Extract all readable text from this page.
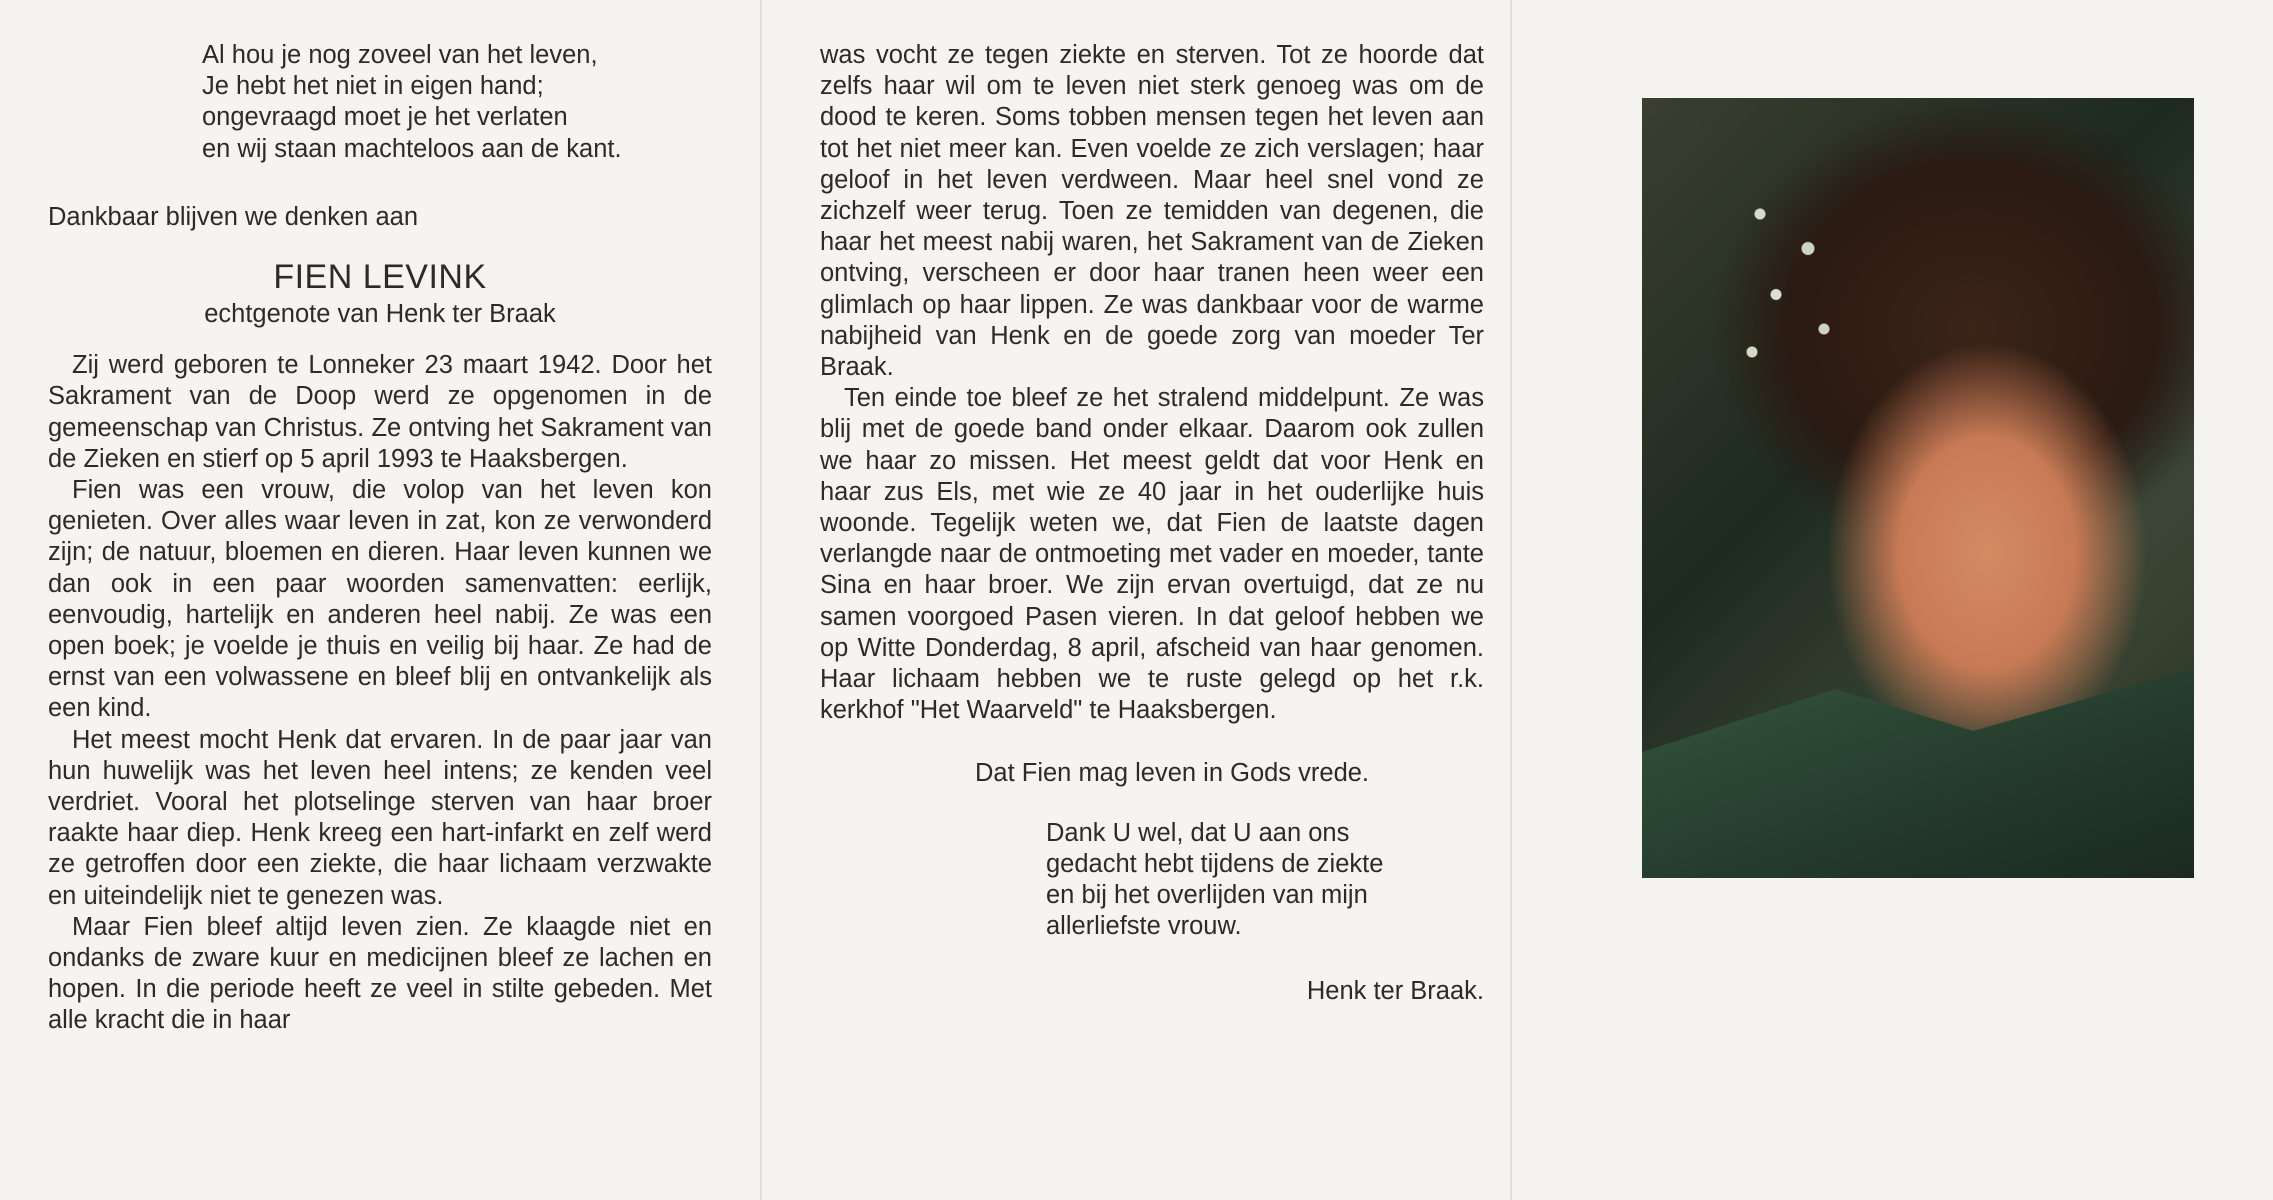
Al hou je nog zoveel van het leven,
Je hebt het niet in eigen hand;
ongevraagd moet je het verlaten
en wij staan machteloos aan de kant.
Dankbaar blijven we denken aan
FIEN LEVINK
echtgenote van Henk ter Braak

Zij werd geboren te Lonneker 23 maart 1942. Door het Sakrament van de Doop werd ze opgenomen in de gemeenschap van Christus. Ze ontving het Sakrament van de Zieken en stierf op 5 april 1993 te Haaksbergen.

Fien was een vrouw, die volop van het leven kon genieten. Over alles waar leven in zat, kon ze verwonderd zijn; de natuur, bloemen en dieren. Haar leven kunnen we dan ook in een paar woorden samenvatten: eerlijk, eenvoudig, hartelijk en anderen heel nabij. Ze was een open boek; je voelde je thuis en veilig bij haar. Ze had de ernst van een volwassene en bleef blij en ontvankelijk als een kind.

Het meest mocht Henk dat ervaren. In de paar jaar van hun huwelijk was het leven heel intens; ze kenden veel verdriet. Vooral het plotselinge sterven van haar broer raakte haar diep. Henk kreeg een hart-infarkt en zelf werd ze getroffen door een ziekte, die haar lichaam verzwakte en uiteindelijk niet te genezen was.

Maar Fien bleef altijd leven zien. Ze klaagde niet en ondanks de zware kuur en medicijnen bleef ze lachen en hopen. In die periode heeft ze veel in stilte gebeden. Met alle kracht die in haar

was vocht ze tegen ziekte en sterven. Tot ze hoorde dat zelfs haar wil om te leven niet sterk genoeg was om de dood te keren. Soms tobben mensen tegen het leven aan tot het niet meer kan. Even voelde ze zich verslagen; haar geloof in het leven verdween. Maar heel snel vond ze zichzelf weer terug. Toen ze temidden van degenen, die haar het meest nabij waren, het Sakrament van de Zieken ontving, verscheen er door haar tranen heen weer een glimlach op haar lippen. Ze was dankbaar voor de warme nabijheid van Henk en de goede zorg van moeder Ter Braak.

Ten einde toe bleef ze het stralend middelpunt. Ze was blij met de goede band onder elkaar. Daarom ook zullen we haar zo missen. Het meest geldt dat voor Henk en haar zus Els, met wie ze 40 jaar in het ouderlijke huis woonde. Tegelijk weten we, dat Fien de laatste dagen verlangde naar de ontmoeting met vader en moeder, tante Sina en haar broer. We zijn ervan overtuigd, dat ze nu samen voorgoed Pasen vieren. In dat geloof hebben we op Witte Donderdag, 8 april, afscheid van haar genomen. Haar lichaam hebben we te ruste gelegd op het r.k. kerkhof "Het Waarveld" te Haaksbergen.

Dat Fien mag leven in Gods vrede.
Dank U wel, dat U aan ons
gedacht hebt tijdens de ziekte
en bij het overlijden van mijn
allerliefste vrouw.
Henk ter Braak.
